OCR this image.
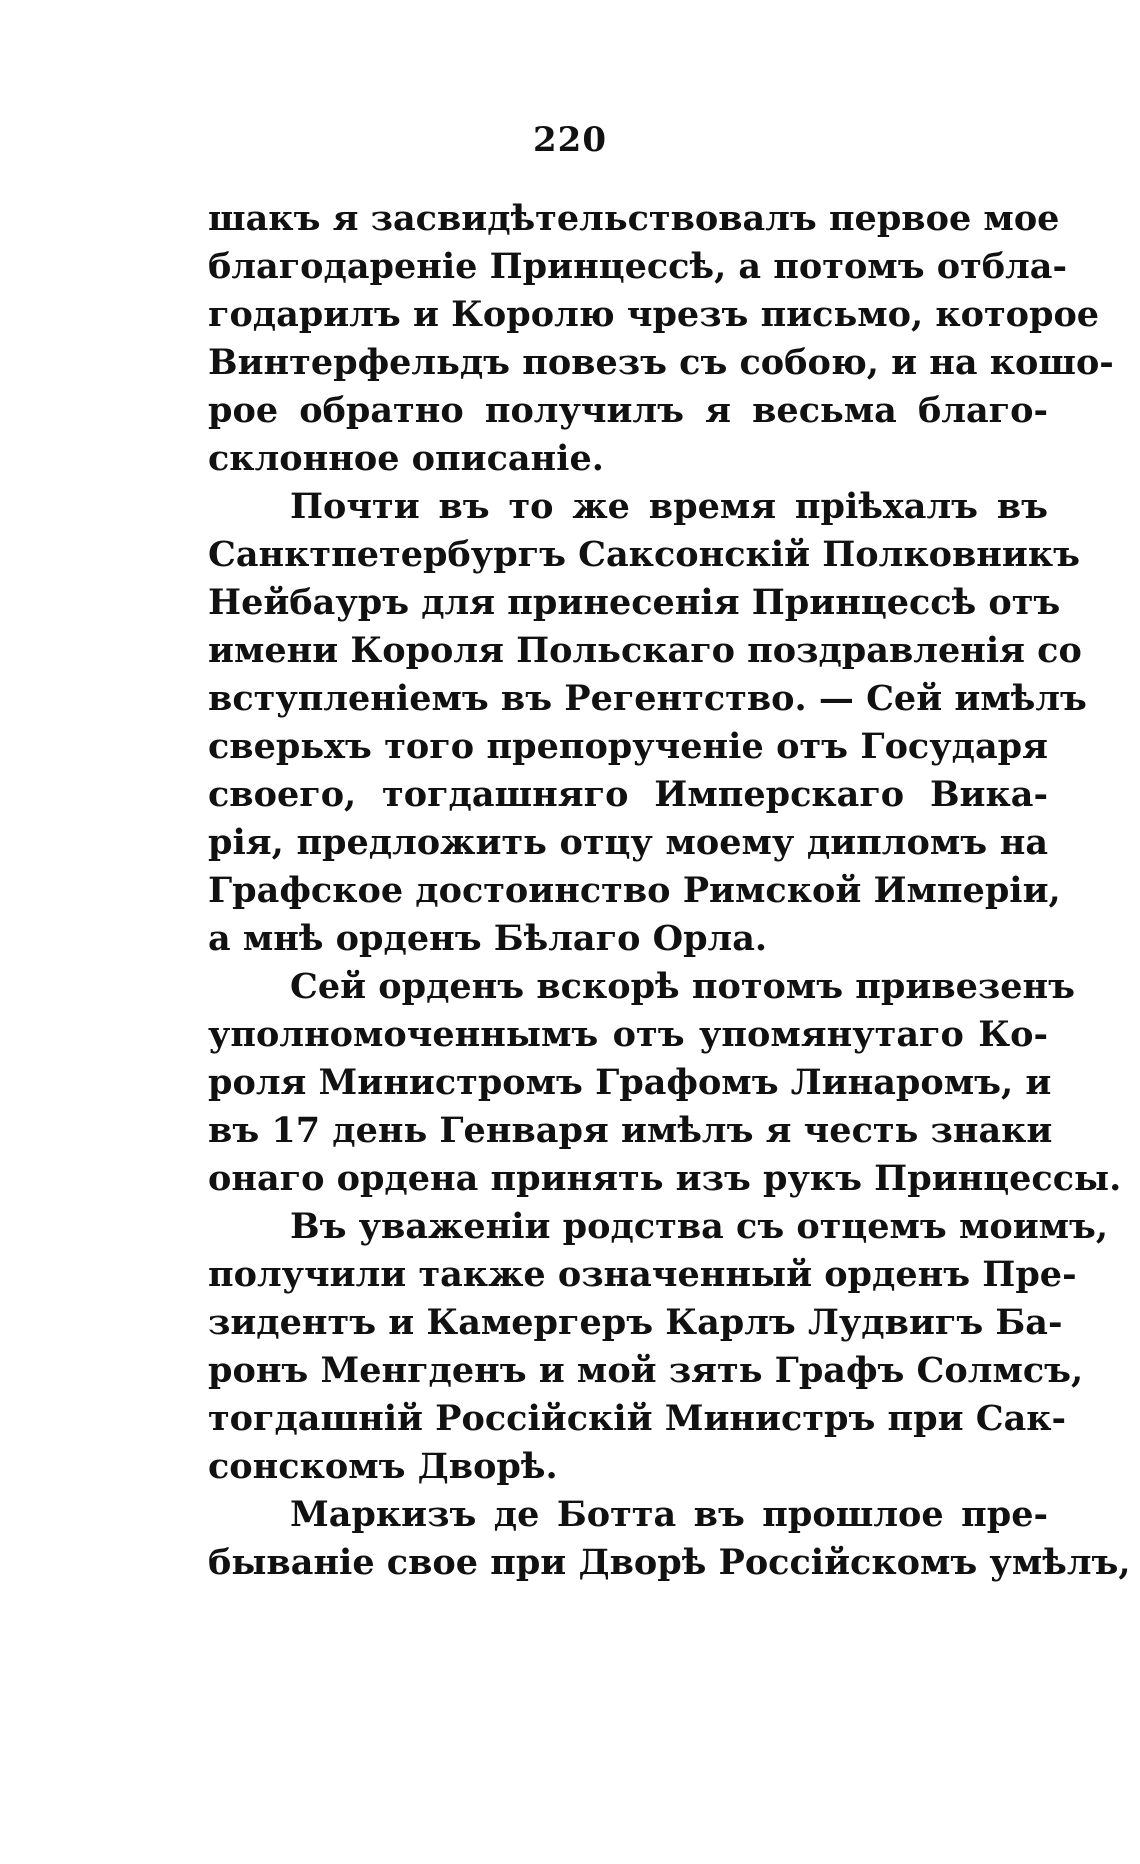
220
шакъ я засвидѣтельствовалъ первое мое
благодареніе Принцессѣ, а потомъ отбла-
годарилъ и Королю чрезъ письмо, которое
Винтерфельдъ повезъ съ собою, и на кошо-
рое обратно получилъ я весьма благо-
склонное описаніе.
Почти въ то же время пріѣхалъ въ
Санктпетербургъ Саксонскій Полковникъ
Нейбауръ для принесенія Принцессѣ отъ
имени Короля Польскаго поздравленія со
вступленіемъ въ Регентство. — Сей имѣлъ
сверьхъ того препорученіе отъ Государя
своего, тогдашняго Имперскаго Вика-
рія, предложить отцу моему дипломъ на
Графское достоинство Римской Имперіи,
а мнѣ орденъ Бѣлаго Орла.
Сей орденъ вскорѣ потомъ привезенъ
уполномоченнымъ отъ упомянутаго Ко-
роля Министромъ Графомъ Линаромъ, и
въ 17 день Генваря имѣлъ я честь знаки
онаго ордена принять изъ рукъ Принцессы.
Въ уваженіи родства съ отцемъ моимъ,
получили также означенный орденъ Пре-
зидентъ и Камергеръ Карлъ Лудвигъ Ба-
ронъ Менгденъ и мой зять Графъ Солмсъ,
тогдашній Россійскій Министръ при Сак-
сонскомъ Дворѣ.
Маркизъ де Ботта въ прошлое пре-
бываніе свое при Дворѣ Россійскомъ умѣлъ,
